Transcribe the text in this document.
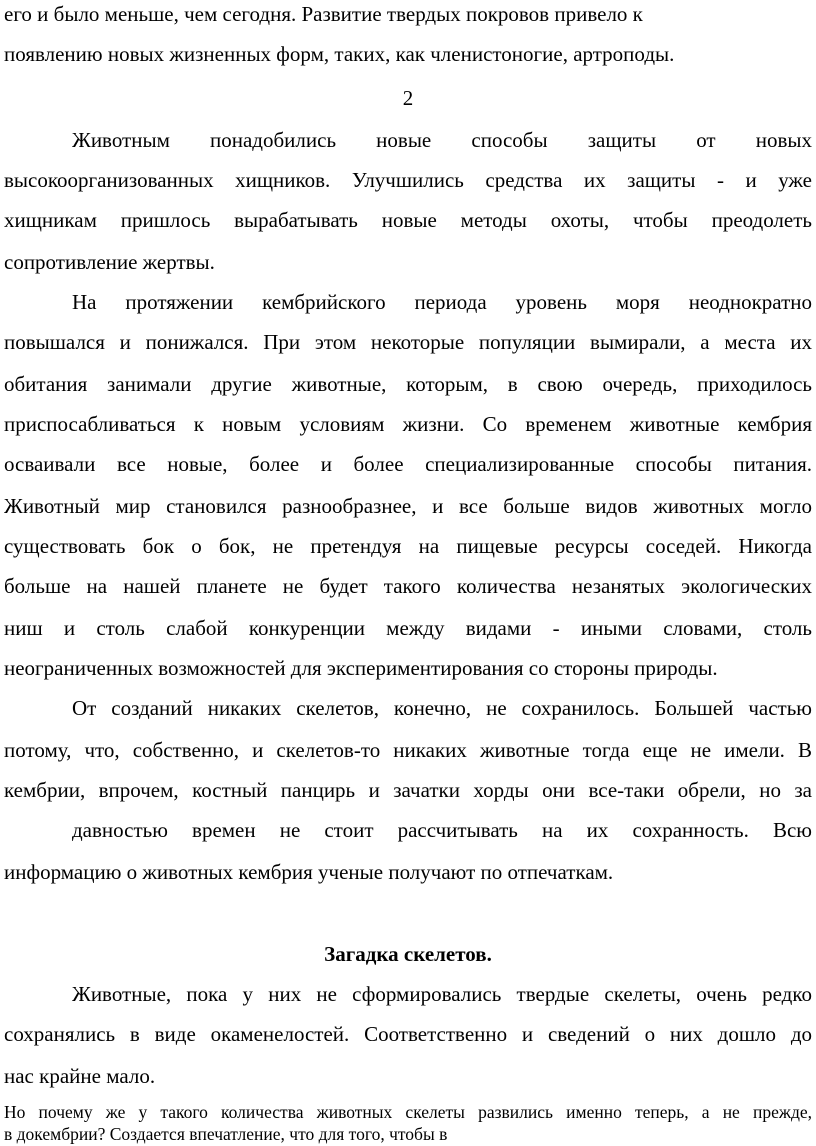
его и было меньше, чем сегодня. Развитие твердых покровов привело к
появлению новых жизненных форм, таких, как членистоногие, артроподы.
2
Животным понадобились новые способы защиты от новых
высокоорганизованных хищников. Улучшились средства их защиты - и уже
хищникам пришлось вырабатывать новые методы охоты, чтобы преодолеть
сопротивление жертвы.
На протяжении кембрийского периода уровень моря неоднократно
повышался и понижался. При этом некоторые популяции вымирали, а места их
обитания занимали другие животные, которым, в свою очередь, приходилось
приспосабливаться к новым условиям жизни. Со временем животные кембрия
осваивали все новые, более и более специализированные способы питания.
Животный мир становился разнообразнее, и все больше видов животных могло
существовать бок о бок, не претендуя на пищевые ресурсы соседей. Никогда
больше на нашей планете не будет такого количества незанятых экологических
ниш и столь слабой конкуренции между видами - иными словами, столь
неограниченных возможностей для экспериментирования со стороны природы.
От созданий никаких скелетов, конечно, не сохранилось. Большей частью
потому, что, собственно, и скелетов-то никаких животные тогда еще не имели. В
кембрии, впрочем, костный панцирь и зачатки хорды они все-таки обрели, но за
давностью времен не стоит рассчитывать на их сохранность. Всю
информацию о животных кембрия ученые получают по отпечаткам.
Загадка скелетов.
Животные, пока у них не сформировались твердые скелеты, очень редко
сохранялись в виде окаменелостей. Соответственно и сведений о них дошло до
нас крайне мало.
Но почему же у такого количества животных скелеты развились именно теперь, а не прежде,
в докембрии? Создается впечатление, что для того, чтобы в
